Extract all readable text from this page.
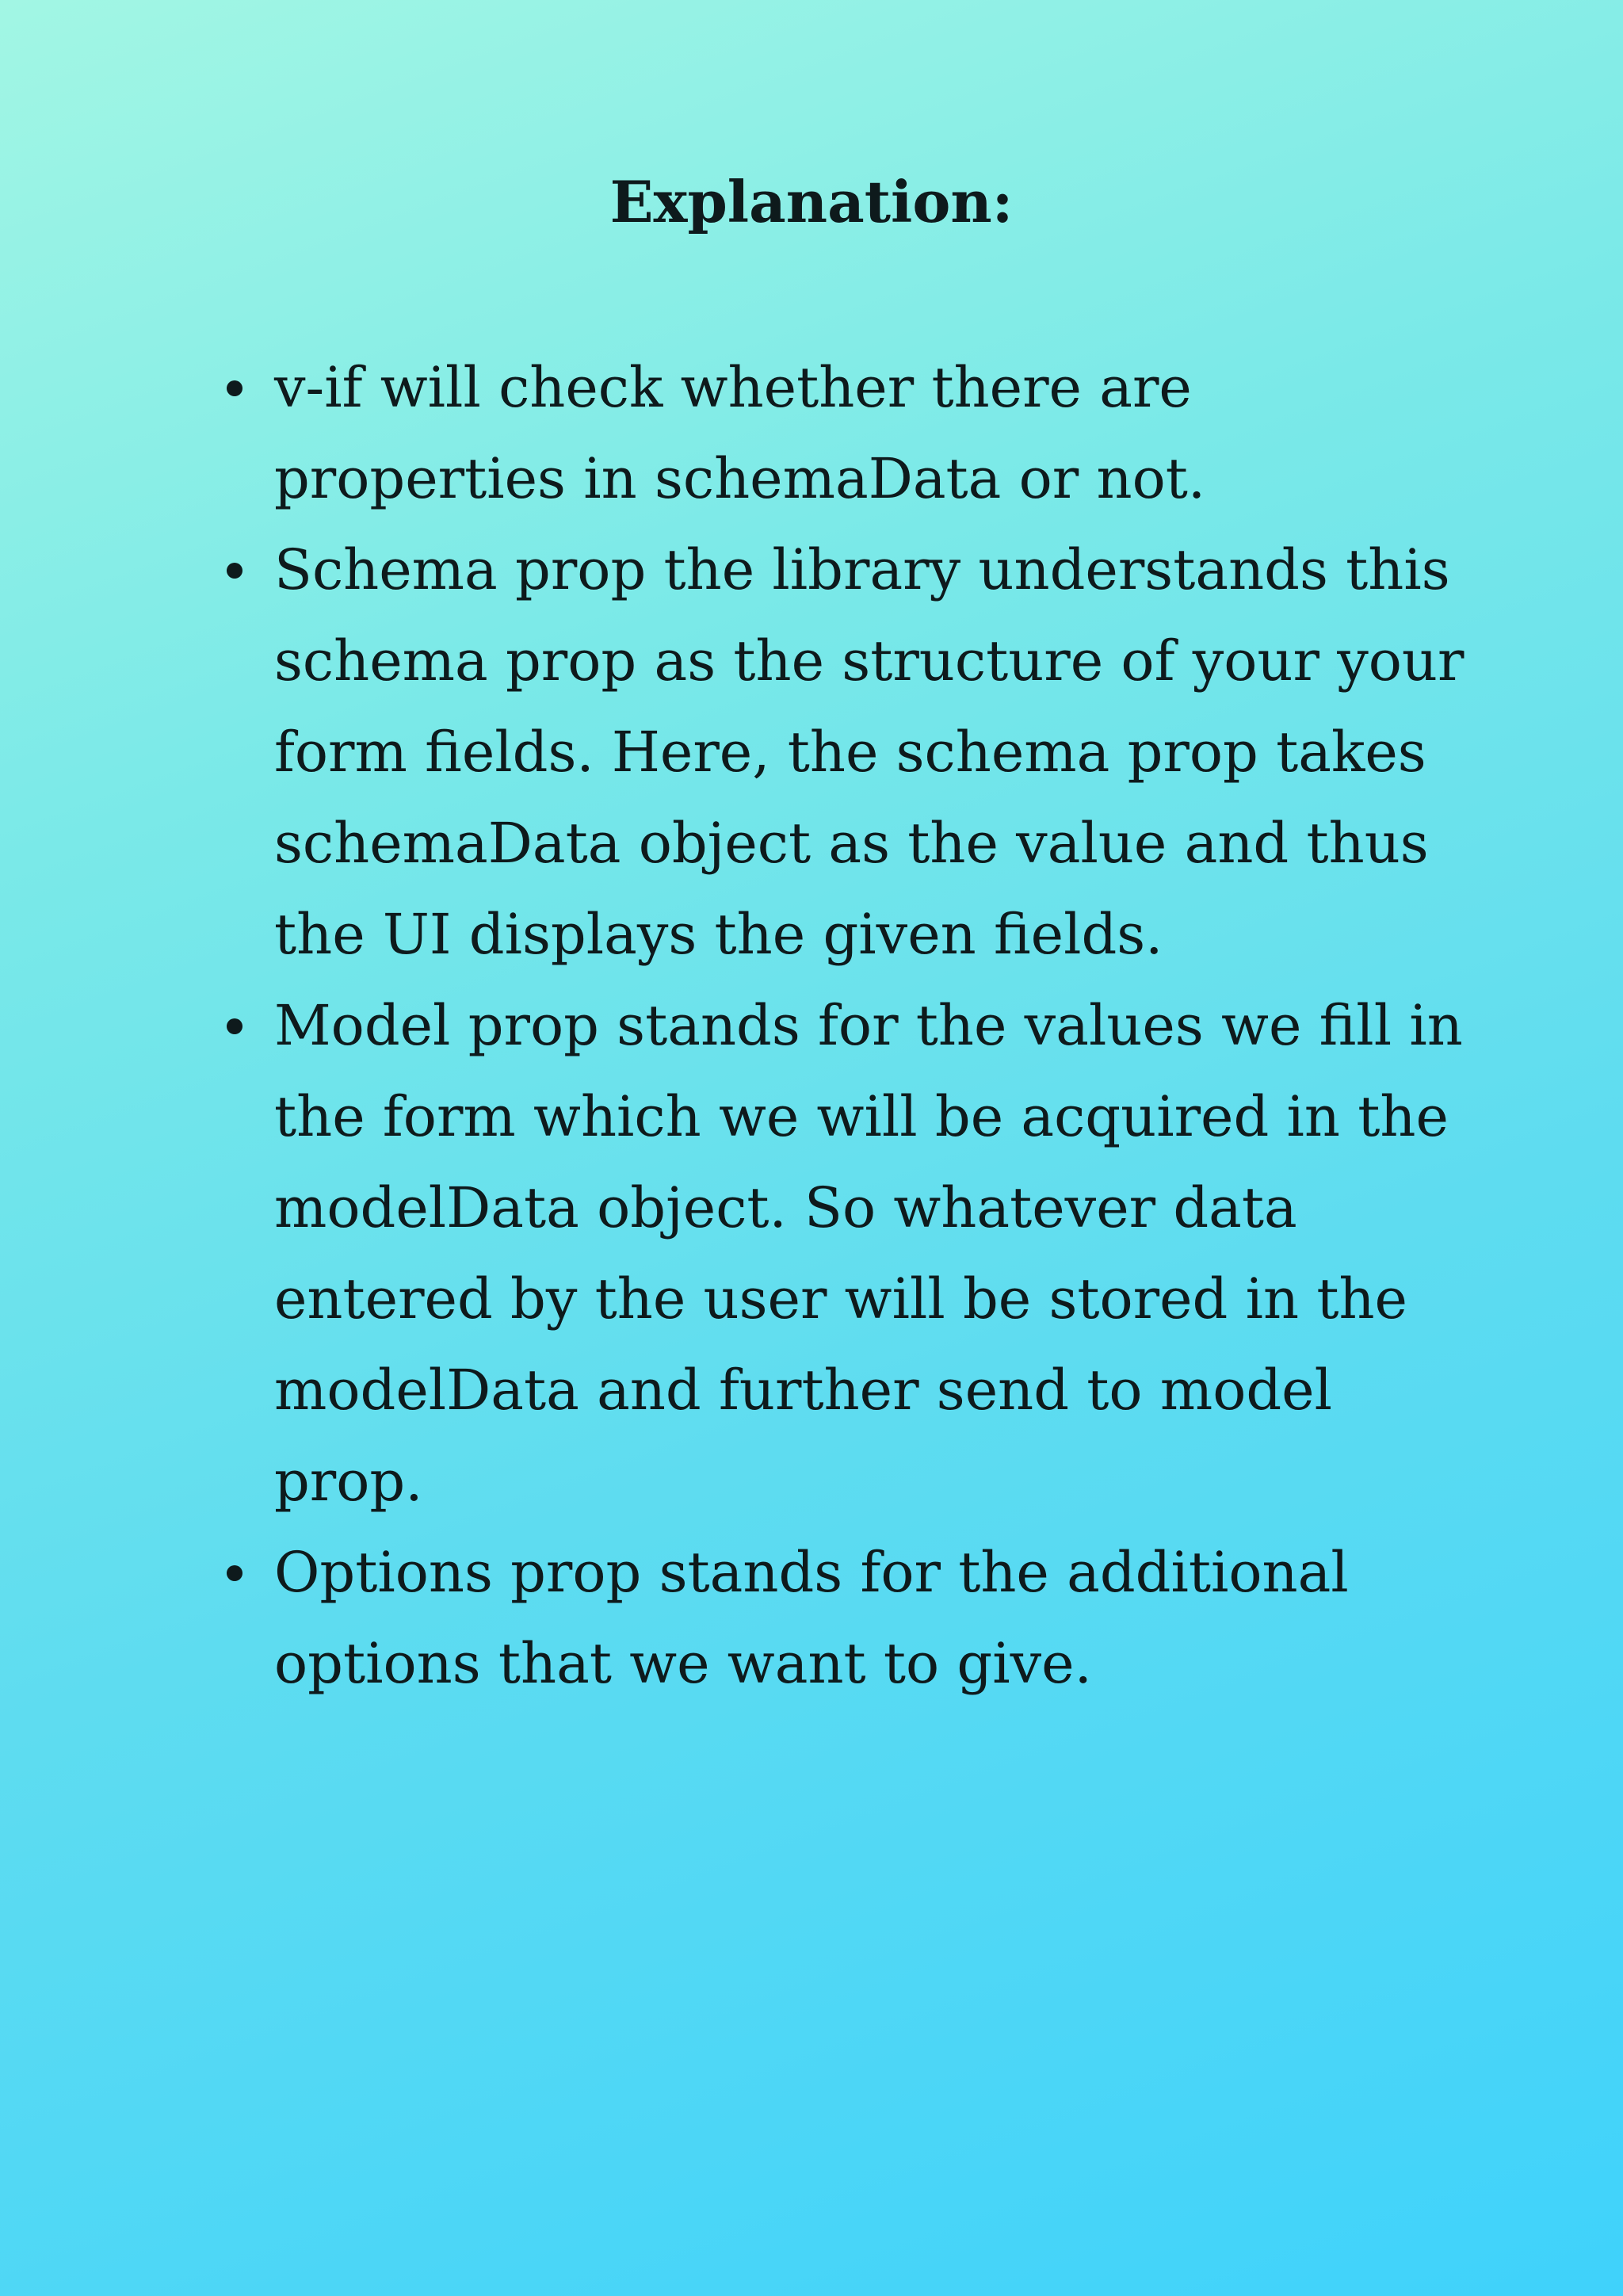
Explanation:
v-if will check whether there are properties in schemaData or not.
Schema prop the library understands this schema prop as the structure of your your form fields. Here, the schema prop takes schemaData object as the value and thus the UI displays the given fields.
Model prop stands for the values we fill in the form which we will be acquired in the modelData object. So whatever data entered by the user will be stored in the modelData and further send to model prop.
Options prop stands for the additional options that we want to give.
